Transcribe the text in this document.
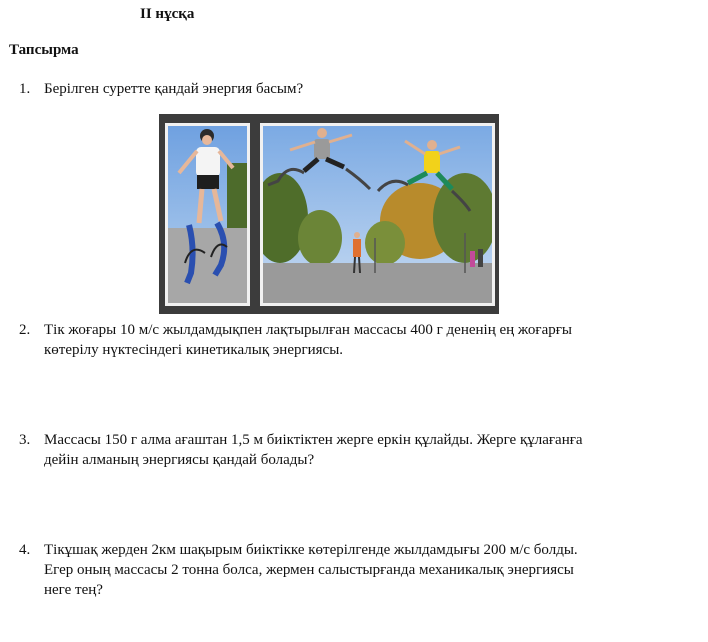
II нұсқа
Тапсырма
1. Берілген суретте қандай энергия басым?
2. Тік жоғары 10 м/с жылдамдықпен лақтырылған массасы 400 г дененің ең жоғарғы
көтерілу нүктесіндегі кинетикалық энергиясы.
3. Массасы 150 г алма ағаштан 1,5 м биіктіктен жерге еркін құлайды. Жерге құлағанға
дейін алманың энергиясы қандай болады?
4. Тікұшақ жерден 2км шақырым биіктікке көтерілгенде жылдамдығы 200 м/с болды.
Егер оның массасы 2 тонна болса, жермен салыстырғанда механикалық энергиясы
неге тең?
